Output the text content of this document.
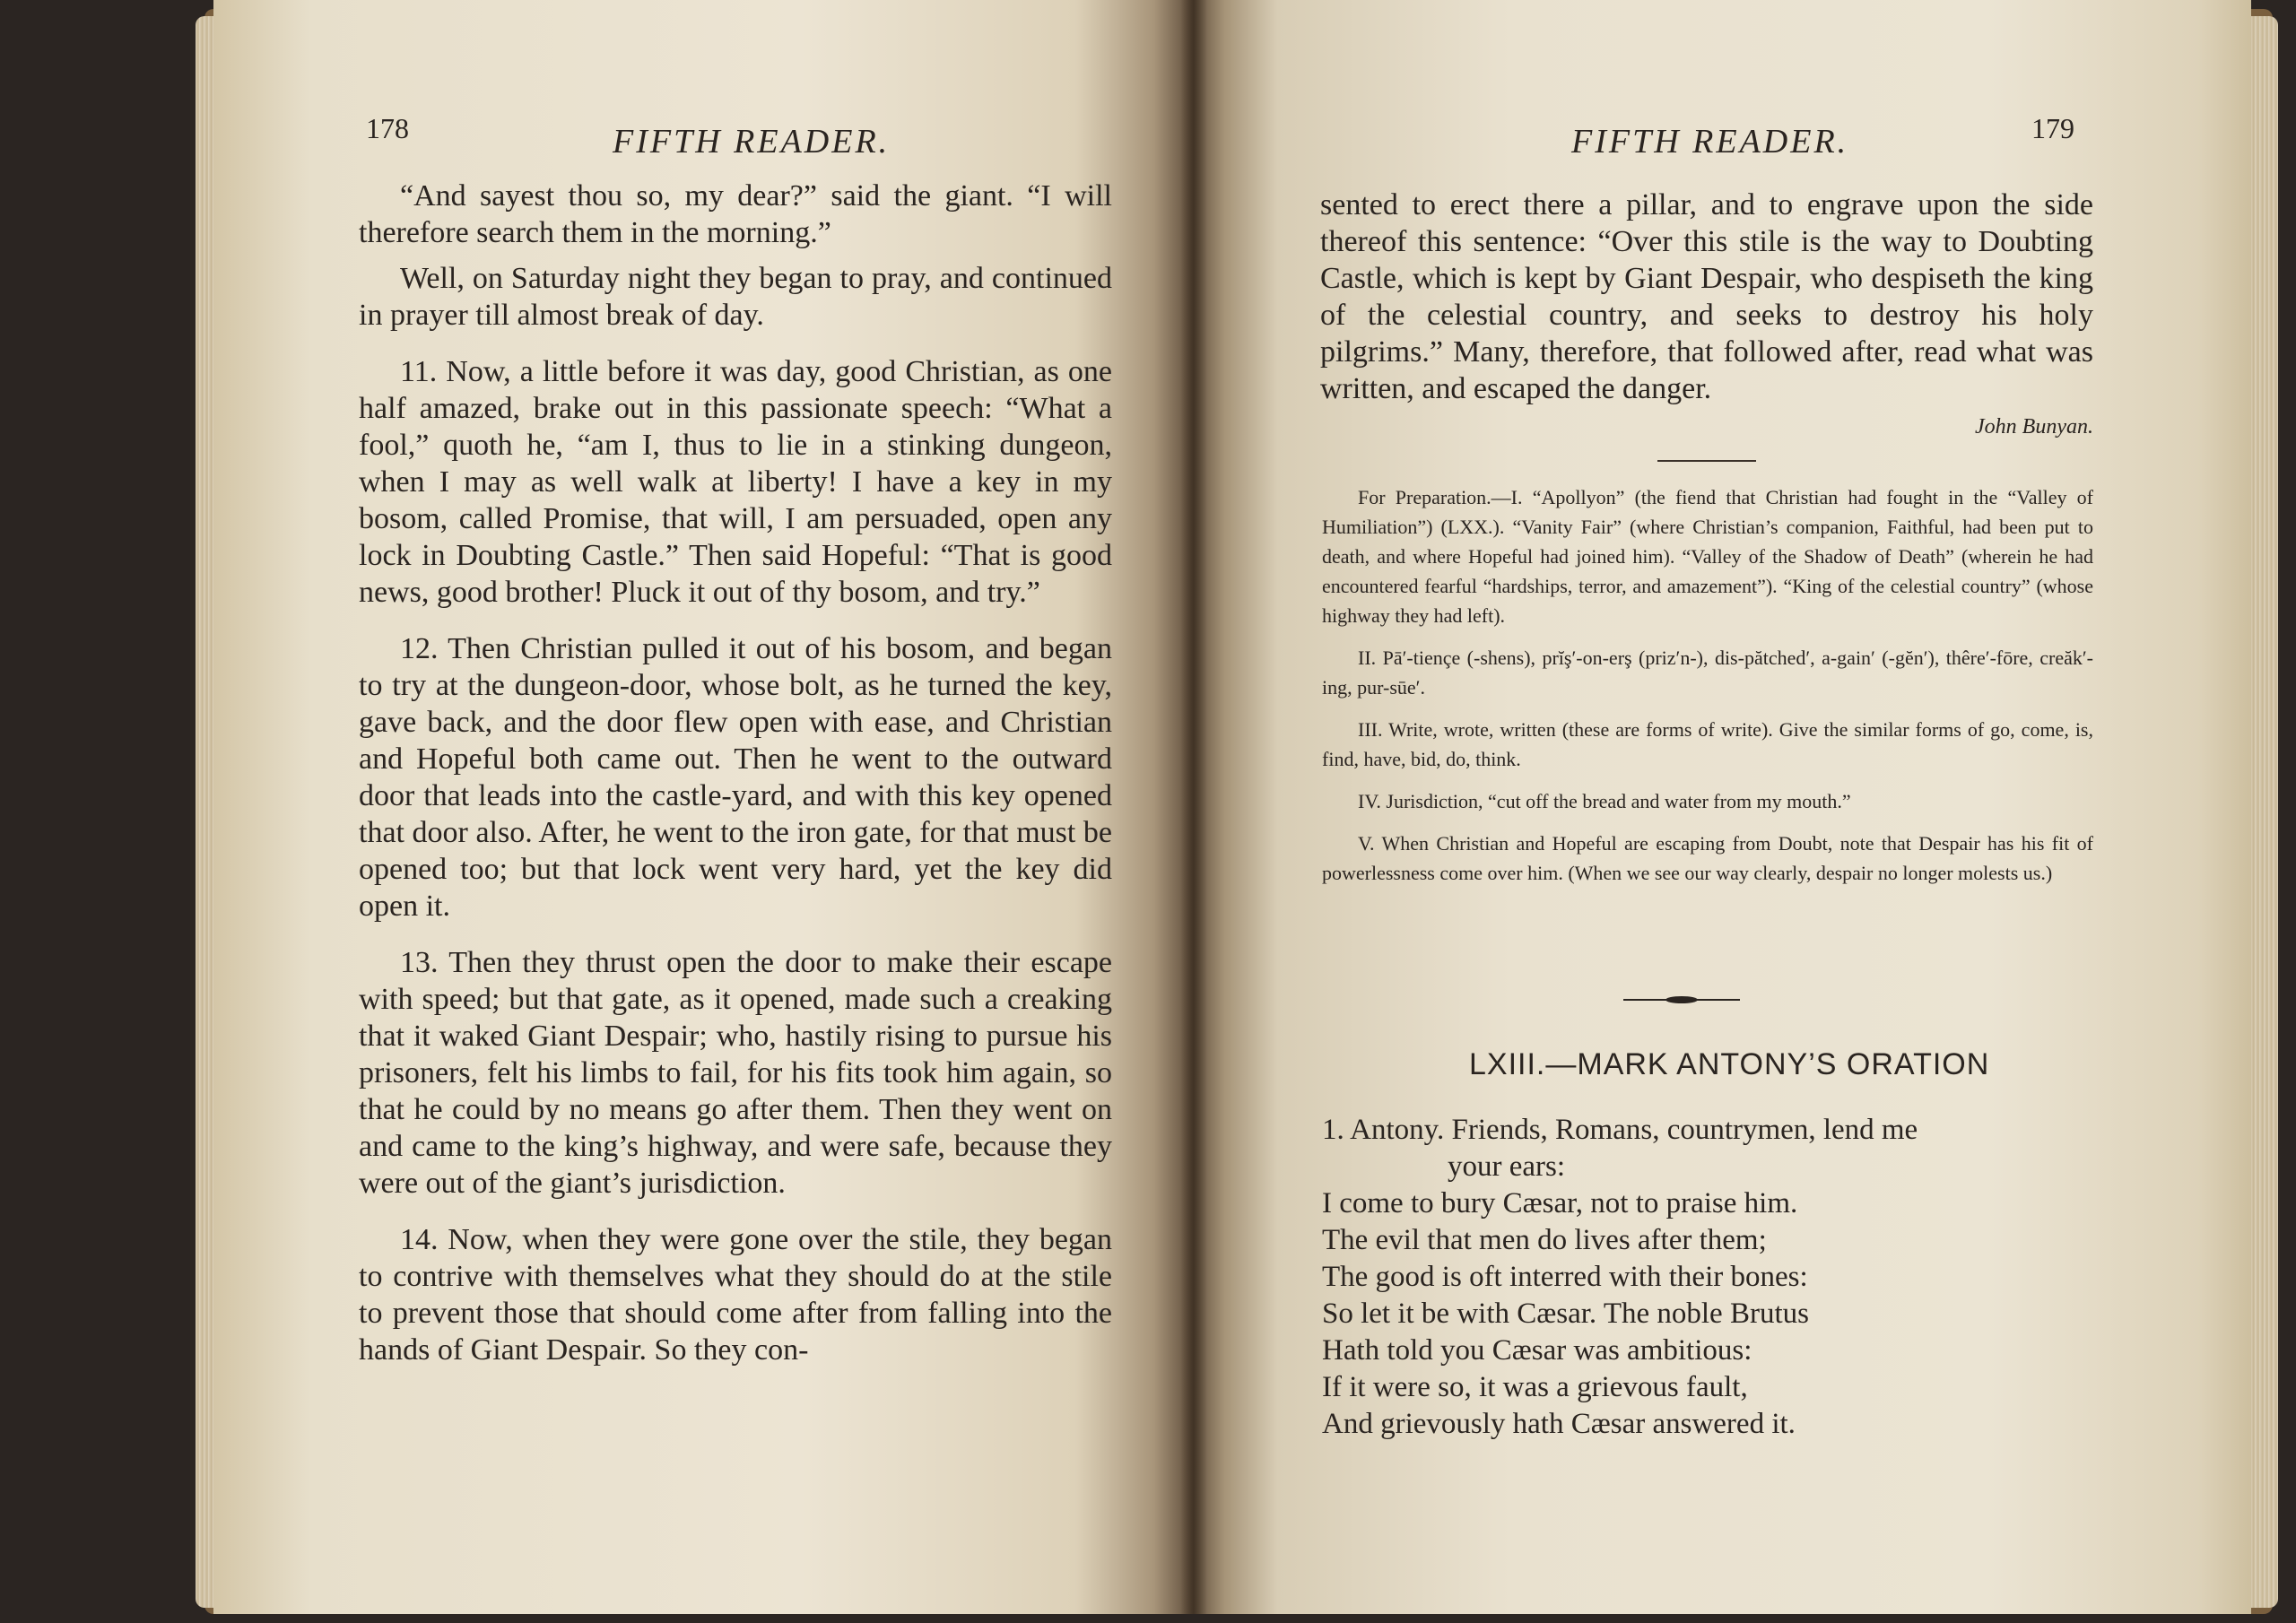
178	FIFTH READER.

“And sayest thou so, my dear?” said the giant. “I will therefore search them in the morning.”

Well, on Saturday night they began to pray, and continued in prayer till almost break of day.

11. Now, a little before it was day, good Christian, as one half amazed, brake out in this passionate speech: “What a fool,” quoth he, “am I, thus to lie in a stinking dungeon, when I may as well walk at liberty! I have a key in my bosom, called Promise, that will, I am persuaded, open any lock in Doubting Castle.” Then said Hopeful: “That is good news, good brother! Pluck it out of thy bosom, and try.”

12. Then Christian pulled it out of his bosom, and began to try at the dungeon-door, whose bolt, as he turned the key, gave back, and the door flew open with ease, and Christian and Hopeful both came out. Then he went to the outward door that leads into the castle-yard, and with this key opened that door also. After, he went to the iron gate, for that must be opened too; but that lock went very hard, yet the key did open it.

13. Then they thrust open the door to make their escape with speed; but that gate, as it opened, made such a creaking that it waked Giant Despair; who, hastily rising to pursue his prisoners, felt his limbs to fail, for his fits took him again, so that he could by no means go after them. Then they went on and came to the king’s highway, and were safe, because they were out of the giant’s jurisdiction.

14. Now, when they were gone over the stile, they began to contrive with themselves what they should do at the stile to prevent those that should come after from falling into the hands of Giant Despair. So they con-

FIFTH READER.	179

sented to erect there a pillar, and to engrave upon the side thereof this sentence: “Over this stile is the way to Doubting Castle, which is kept by Giant Despair, who despiseth the king of the celestial country, and seeks to destroy his holy pilgrims.” Many, therefore, that followed after, read what was written, and escaped the danger.

John Bunyan.

For Preparation.—I. “Apollyon” (the fiend that Christian had fought in the “Valley of Humiliation”) (LXX.). “Vanity Fair” (where Christian’s companion, Faithful, had been put to death, and where Hopeful had joined him). “Valley of the Shadow of Death” (wherein he had encountered fearful “hardships, terror, and amazement”). “King of the celestial country” (whose highway they had left).

II. Pā′-tiençe (-shens), prĭş′-on-erş (priz′n-), dis-pătched′, a-gain′ (-gĕn′), thêre′-fōre, creăk′-ing, pur-sūe′.

III. Write, wrote, written (these are forms of write). Give the similar forms of go, come, is, find, have, bid, do, think.

IV. Jurisdiction, “cut off the bread and water from my mouth.”

V. When Christian and Hopeful are escaping from Doubt, note that Despair has his fit of powerlessness come over him. (When we see our way clearly, despair no longer molests us.)

LXIII.—MARK ANTONY’S ORATION
1. Antony. Friends, Romans, countrymen, lend me
your ears:
I come to bury Cæsar, not to praise him.
The evil that men do lives after them;
The good is oft interred with their bones:
So let it be with Cæsar. The noble Brutus
Hath told you Cæsar was ambitious:
If it were so, it was a grievous fault,
And grievously hath Cæsar answered it.
